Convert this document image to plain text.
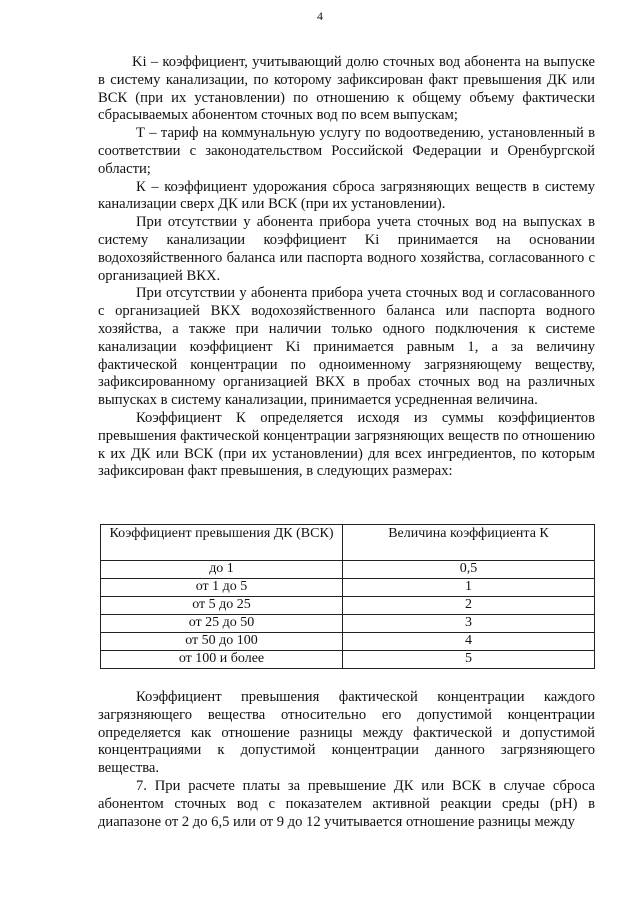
4

Ki – коэффициент, учитывающий долю сточных вод абонента на выпуске в систему канализации, по которому зафиксирован факт превышения ДК или ВСК (при их установлении) по отношению к общему объему фактически сбрасываемых абонентом сточных вод по всем выпускам;

Т – тариф на коммунальную услугу по водоотведению, установленный в соответствии с законодательством Российской Федерации и Оренбургской области;

К – коэффициент удорожания сброса загрязняющих веществ в систему канализации сверх ДК или ВСК (при их установлении).

При отсутствии у абонента прибора учета сточных вод на выпусках в систему канализации коэффициент Ki принимается на основании водохозяйственного баланса или паспорта водного хозяйства, согласованного с организацией ВКХ.

При отсутствии у абонента прибора учета сточных вод и согласованного с организацией ВКХ водохозяйственного баланса или паспорта водного хозяйства, а также при наличии только одного подключения к системе канализации коэффициент Ki принимается равным 1, а за величину фактической концентрации по одноименному загрязняющему веществу, зафиксированному организацией ВКХ в пробах сточных вод на различных выпусках в систему канализации, принимается усредненная величина.

Коэффициент К определяется исходя из суммы коэффициентов превышения фактической концентрации загрязняющих веществ по отношению к их ДК или ВСК (при их установлении) для всех ингредиентов, по которым зафиксирован факт превышения, в следующих размерах:

Коэффициент превышения ДК (ВСК)	Величина коэффициента К
до 1	0,5
от 1 до 5	1
от 5 до 25	2
от 25 до 50	3
от 50 до 100	4
от 100 и более	5

Коэффициент превышения фактической концентрации каждого загрязняющего вещества относительно его допустимой концентрации определяется как отношение разницы между фактической и допустимой концентрациями к допустимой концентрации данного загрязняющего вещества.

7. При расчете платы за превышение ДК или ВСК в случае сброса абонентом сточных вод с показателем активной реакции среды (pH) в диапазоне от 2 до 6,5 или от 9 до 12 учитывается отношение разницы между
